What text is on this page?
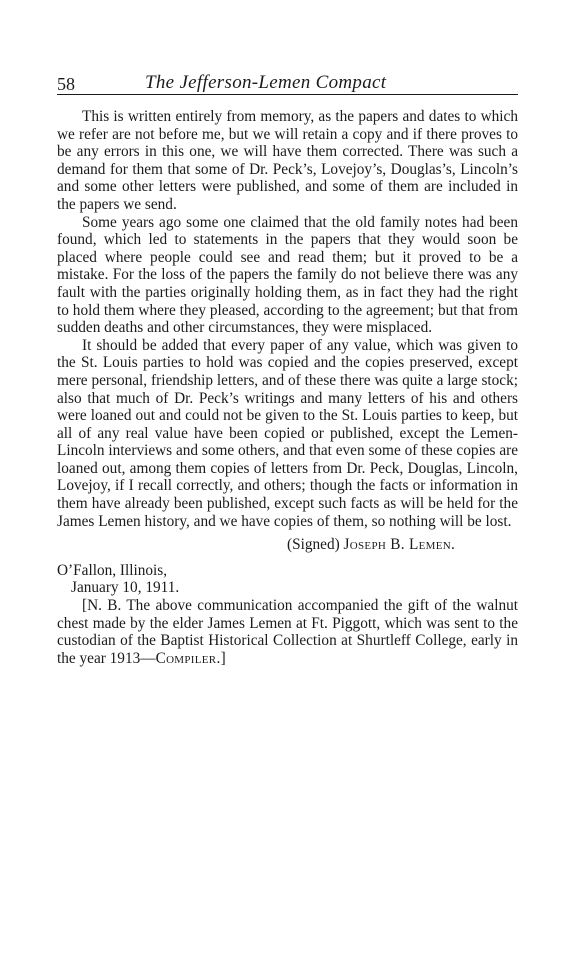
58	The Jefferson-Lemen Compact

This is written entirely from memory, as the papers and dates to which we refer are not before me, but we will retain a copy and if there proves to be any errors in this one, we will have them corrected. There was such a demand for them that some of Dr. Peck’s, Lovejoy’s, Douglas’s, Lincoln’s and some other letters were published, and some of them are included in the papers we send.

Some years ago some one claimed that the old family notes had been found, which led to statements in the papers that they would soon be placed where people could see and read them; but it proved to be a mistake. For the loss of the papers the family do not believe there was any fault with the parties originally holding them, as in fact they had the right to hold them where they pleased, according to the agreement; but that from sudden deaths and other circumstances, they were misplaced.

It should be added that every paper of any value, which was given to the St. Louis parties to hold was copied and the copies preserved, except mere personal, friendship letters, and of these there was quite a large stock; also that much of Dr. Peck’s writings and many letters of his and others were loaned out and could not be given to the St. Louis parties to keep, but all of any real value have been copied or published, except the Lemen-Lincoln interviews and some others, and that even some of these copies are loaned out, among them copies of letters from Dr. Peck, Douglas, Lincoln, Lovejoy, if I recall correctly, and others; though the facts or information in them have already been published, except such facts as will be held for the James Lemen history, and we have copies of them, so nothing will be lost.

(Signed) Joseph B. Lemen.

O’Fallon, Illinois,

January 10, 1911.

[N. B. The above communication accompanied the gift of the walnut chest made by the elder James Lemen at Ft. Piggott, which was sent to the custodian of the Baptist Historical Collection at Shurtleff College, early in the year 1913—Compiler.]
